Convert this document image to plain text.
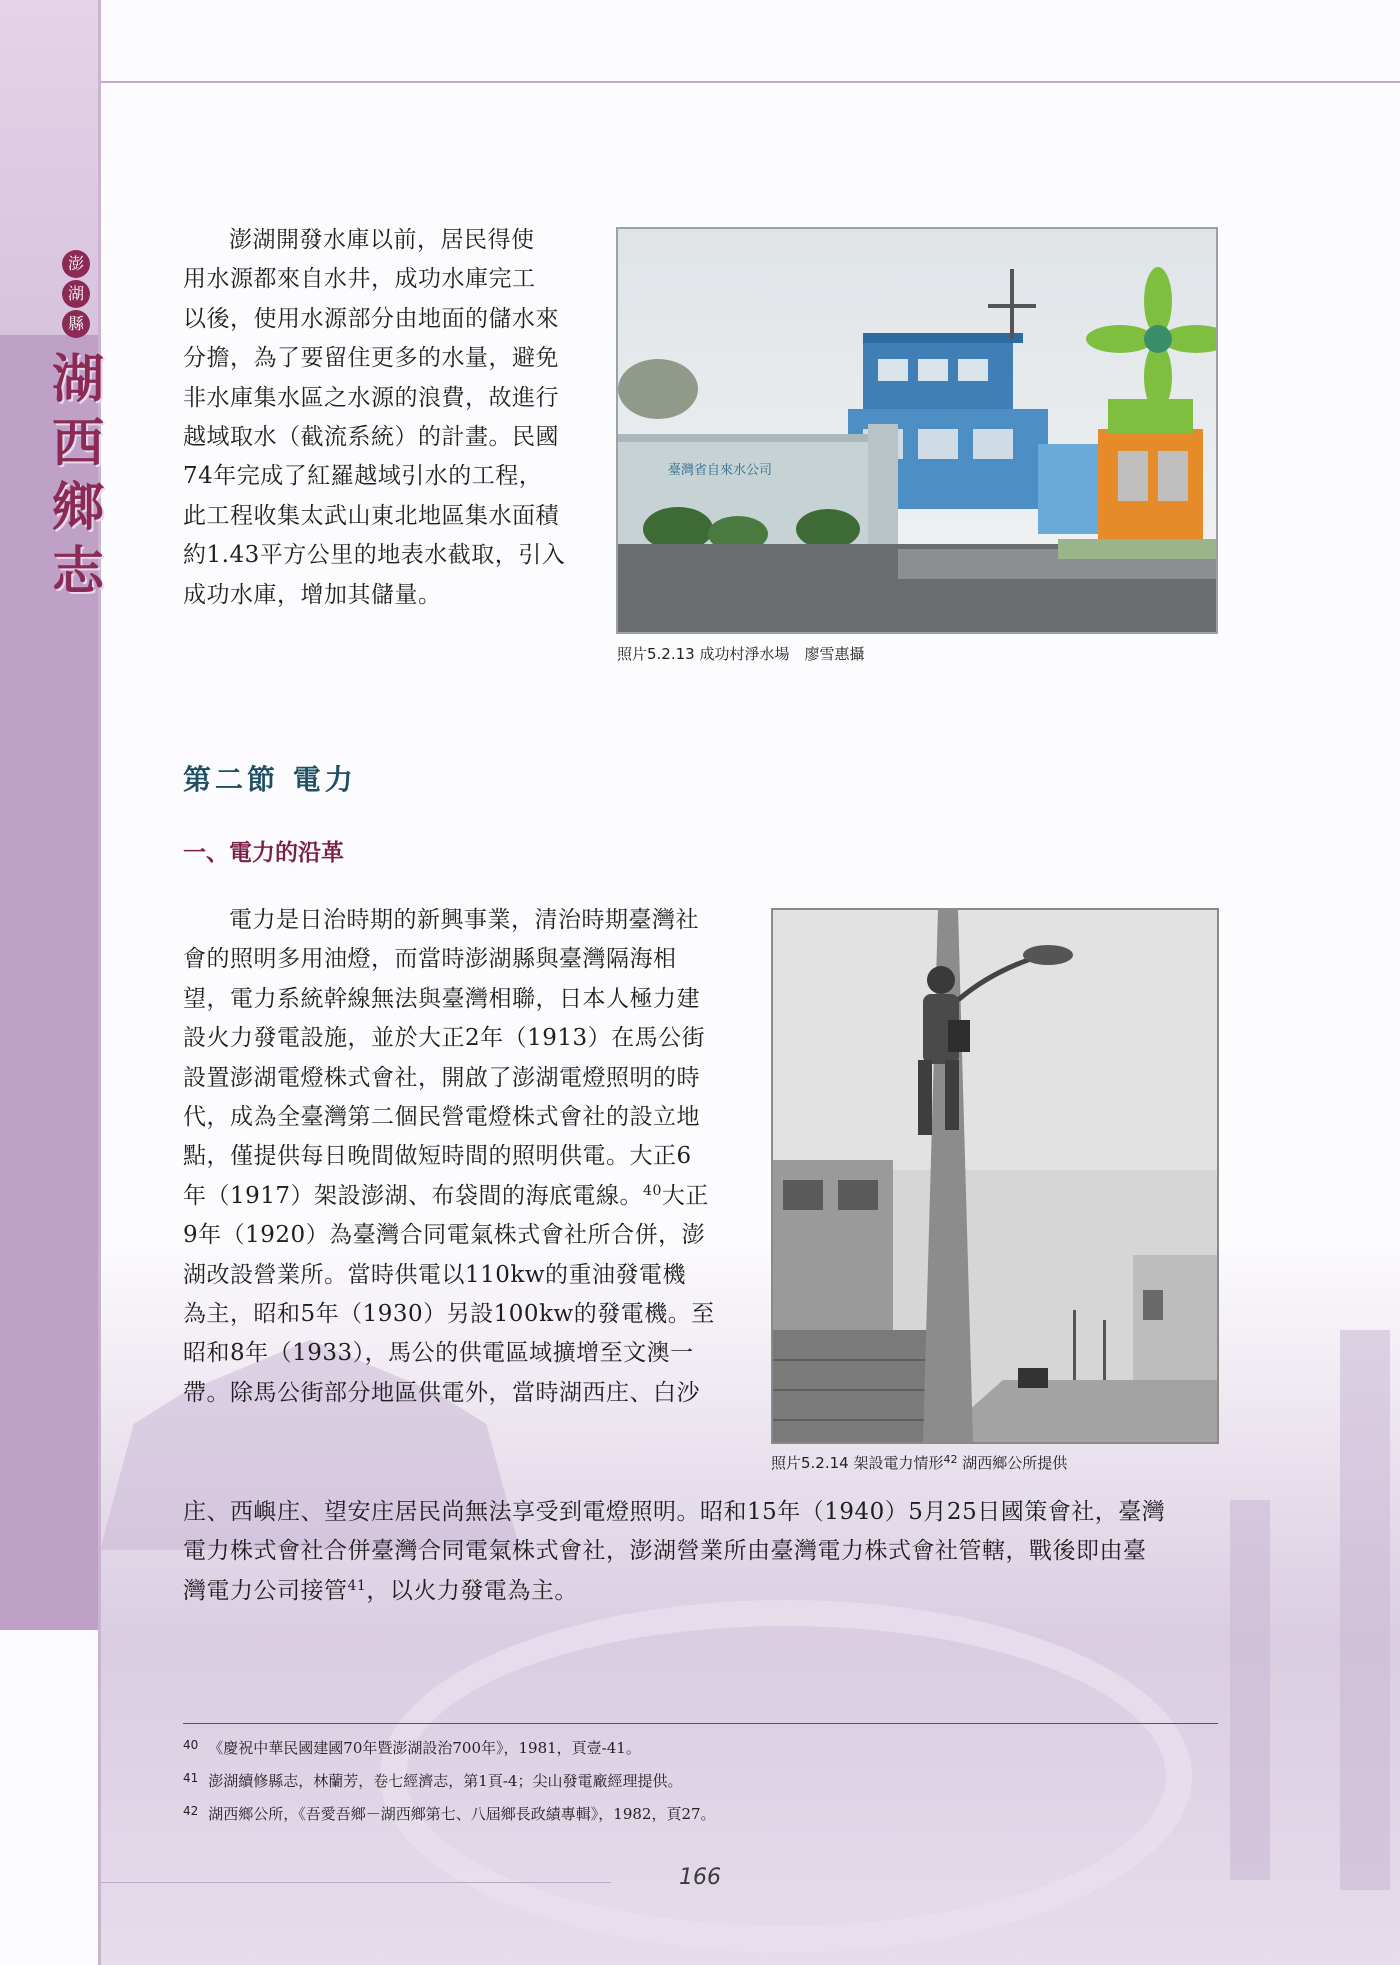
澎
湖
縣
湖
西
鄉
志

澎湖開發水庫以前，居民得使

用水源都來自水井，成功水庫完工

以後，使用水源部分由地面的儲水來

分擔，為了要留住更多的水量，避免

非水庫集水區之水源的浪費，故進行

越域取水（截流系統）的計畫。民國

74年完成了紅羅越域引水的工程，

此工程收集太武山東北地區集水面積

約1.43平方公里的地表水截取，引入

成功水庫，增加其儲量。

臺灣省自來水公司
照片5.2.13 成功村淨水場　廖雪惠攝
第二節 電力
一、電力的沿革

電力是日治時期的新興事業，清治時期臺灣社

會的照明多用油燈，而當時澎湖縣與臺灣隔海相

望，電力系統幹線無法與臺灣相聯，日本人極力建

設火力發電設施，並於大正2年（1913）在馬公街

設置澎湖電燈株式會社，開啟了澎湖電燈照明的時

代，成為全臺灣第二個民營電燈株式會社的設立地

點，僅提供每日晚間做短時間的照明供電。大正6

年（1917）架設澎湖、布袋間的海底電線。$^{40}$大正

9年（1920）為臺灣合同電氣株式會社所合併，澎

湖改設營業所。當時供電以110kw的重油發電機

為主，昭和5年（1930）另設100kw的發電機。至

昭和8年（1933），馬公的供電區域擴增至文澳一

帶。除馬公街部分地區供電外，當時湖西庄、白沙

庄、西嶼庄、望安庄居民尚無法享受到電燈照明。昭和15年（1940）5月25日國策會社，臺灣

電力株式會社合併臺灣合同電氣株式會社，澎湖營業所由臺灣電力株式會社管轄，戰後即由臺

灣電力公司接管$^{41}$，以火力發電為主。

照片5.2.14 架設電力情形$^{42}$ 湖西鄉公所提供

$^{40}$ 《慶祝中華民國建國70年暨澎湖設治700年》，1981，頁壹-41。

$^{41}$ 澎湖續修縣志，林蘭芳，卷七經濟志，第1頁-4；尖山發電廠經理提供。

$^{42}$ 湖西鄉公所，《吾愛吾鄉－湖西鄉第七、八屆鄉長政績專輯》，1982，頁27。

166
